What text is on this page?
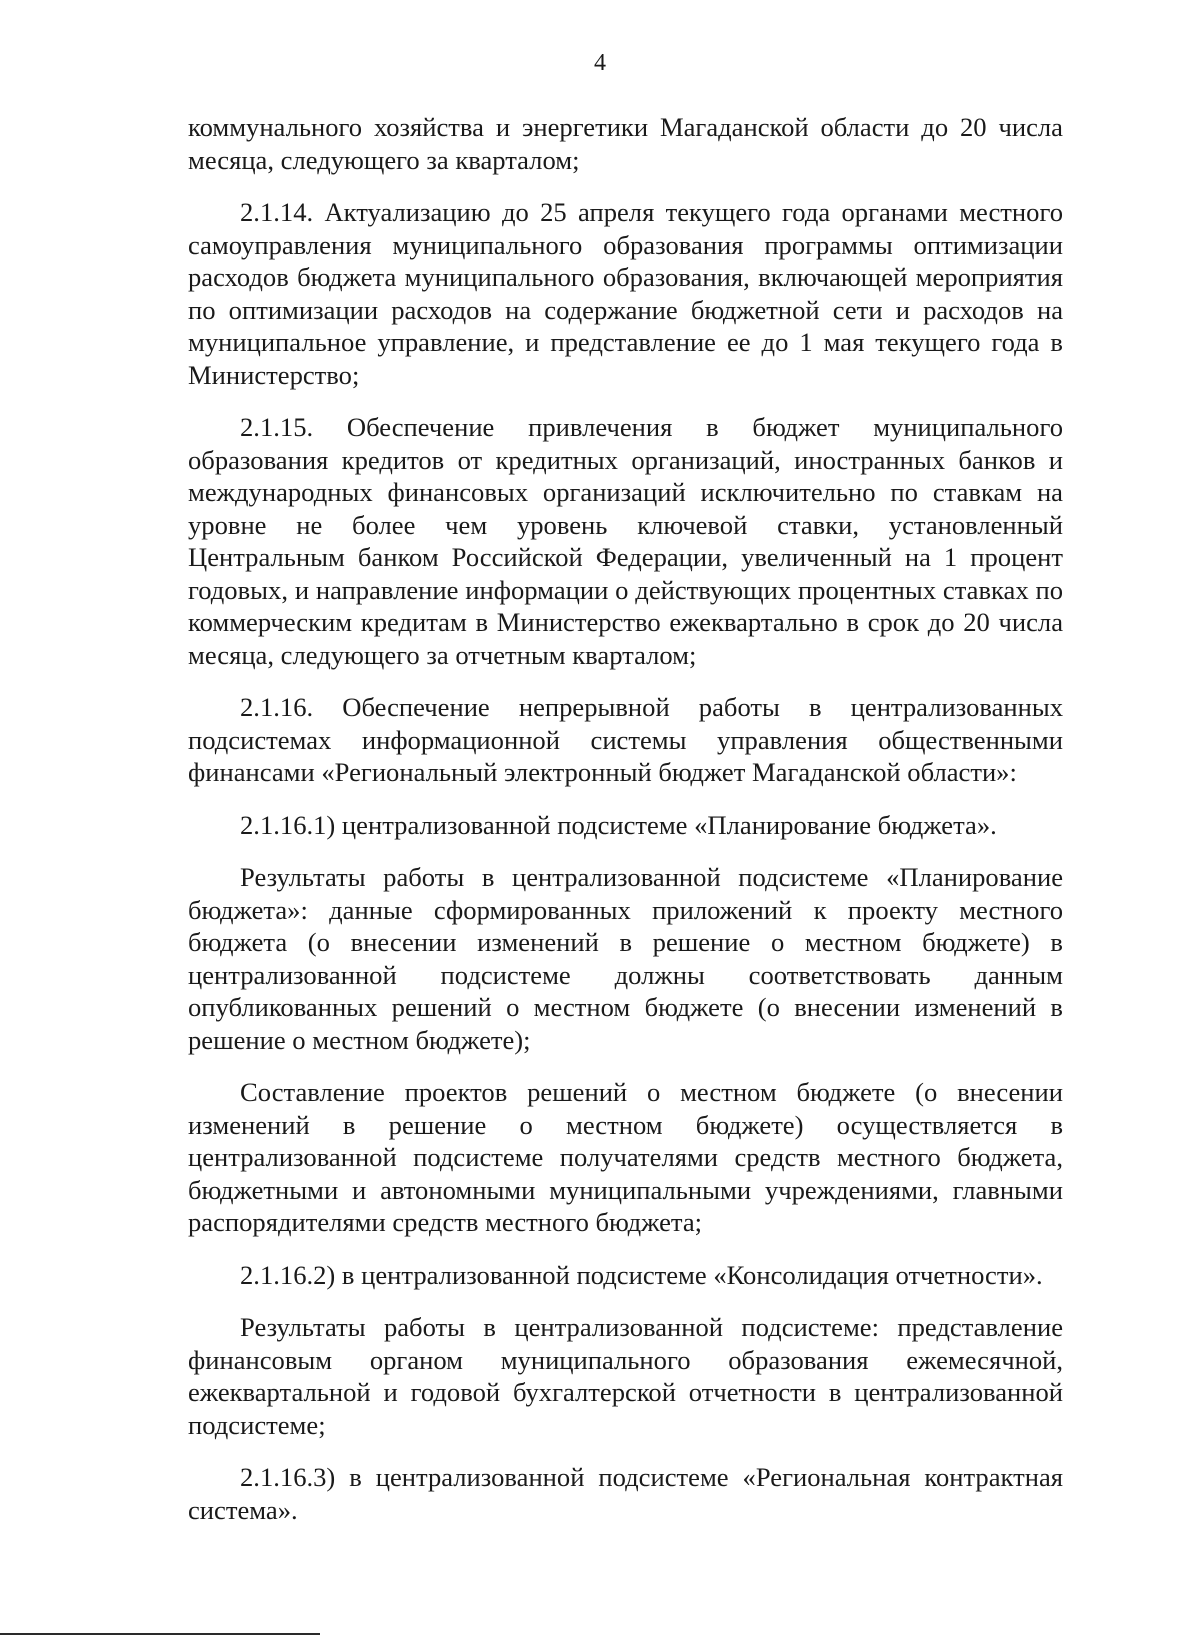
4

коммунального хозяйства и энергетики Магаданской области до 20 числа месяца, следующего за кварталом;

2.1.14. Актуализацию до 25 апреля текущего года органами местного самоуправления муниципального образования программы оптимизации расходов бюджета муниципального образования, включающей мероприятия по оптимизации расходов на содержание бюджетной сети и расходов на муниципальное управление, и представление ее до 1 мая текущего года в Министерство;

2.1.15. Обеспечение привлечения в бюджет муниципального образования кредитов от кредитных организаций, иностранных банков и международных финансовых организаций исключительно по ставкам на уровне не более чем уровень ключевой ставки, установленный Центральным банком Российской Федерации, увеличенный на 1 процент годовых, и направление информации о действующих процентных ставках по коммерческим кредитам в Министерство ежеквартально в срок до 20 числа месяца, следующего за отчетным кварталом;

2.1.16. Обеспечение непрерывной работы в централизованных подсистемах информационной системы управления общественными финансами «Региональный электронный бюджет Магаданской области»:

2.1.16.1) централизованной подсистеме «Планирование бюджета».

Результаты работы в централизованной подсистеме «Планирование бюджета»: данные сформированных приложений к проекту местного бюджета (о внесении изменений в решение о местном бюджете) в централизованной подсистеме должны соответствовать данным опубликованных решений о местном бюджете (о внесении изменений в решение о местном бюджете);

Составление проектов решений о местном бюджете (о внесении изменений в решение о местном бюджете) осуществляется в централизованной подсистеме получателями средств местного бюджета, бюджетными и автономными муниципальными учреждениями, главными распорядителями средств местного бюджета;

2.1.16.2) в централизованной подсистеме «Консолидация отчетности».

Результаты работы в централизованной подсистеме: представление финансовым органом муниципального образования ежемесячной, ежеквартальной и годовой бухгалтерской отчетности в централизованной подсистеме;

2.1.16.3) в централизованной подсистеме «Региональная контрактная система».
